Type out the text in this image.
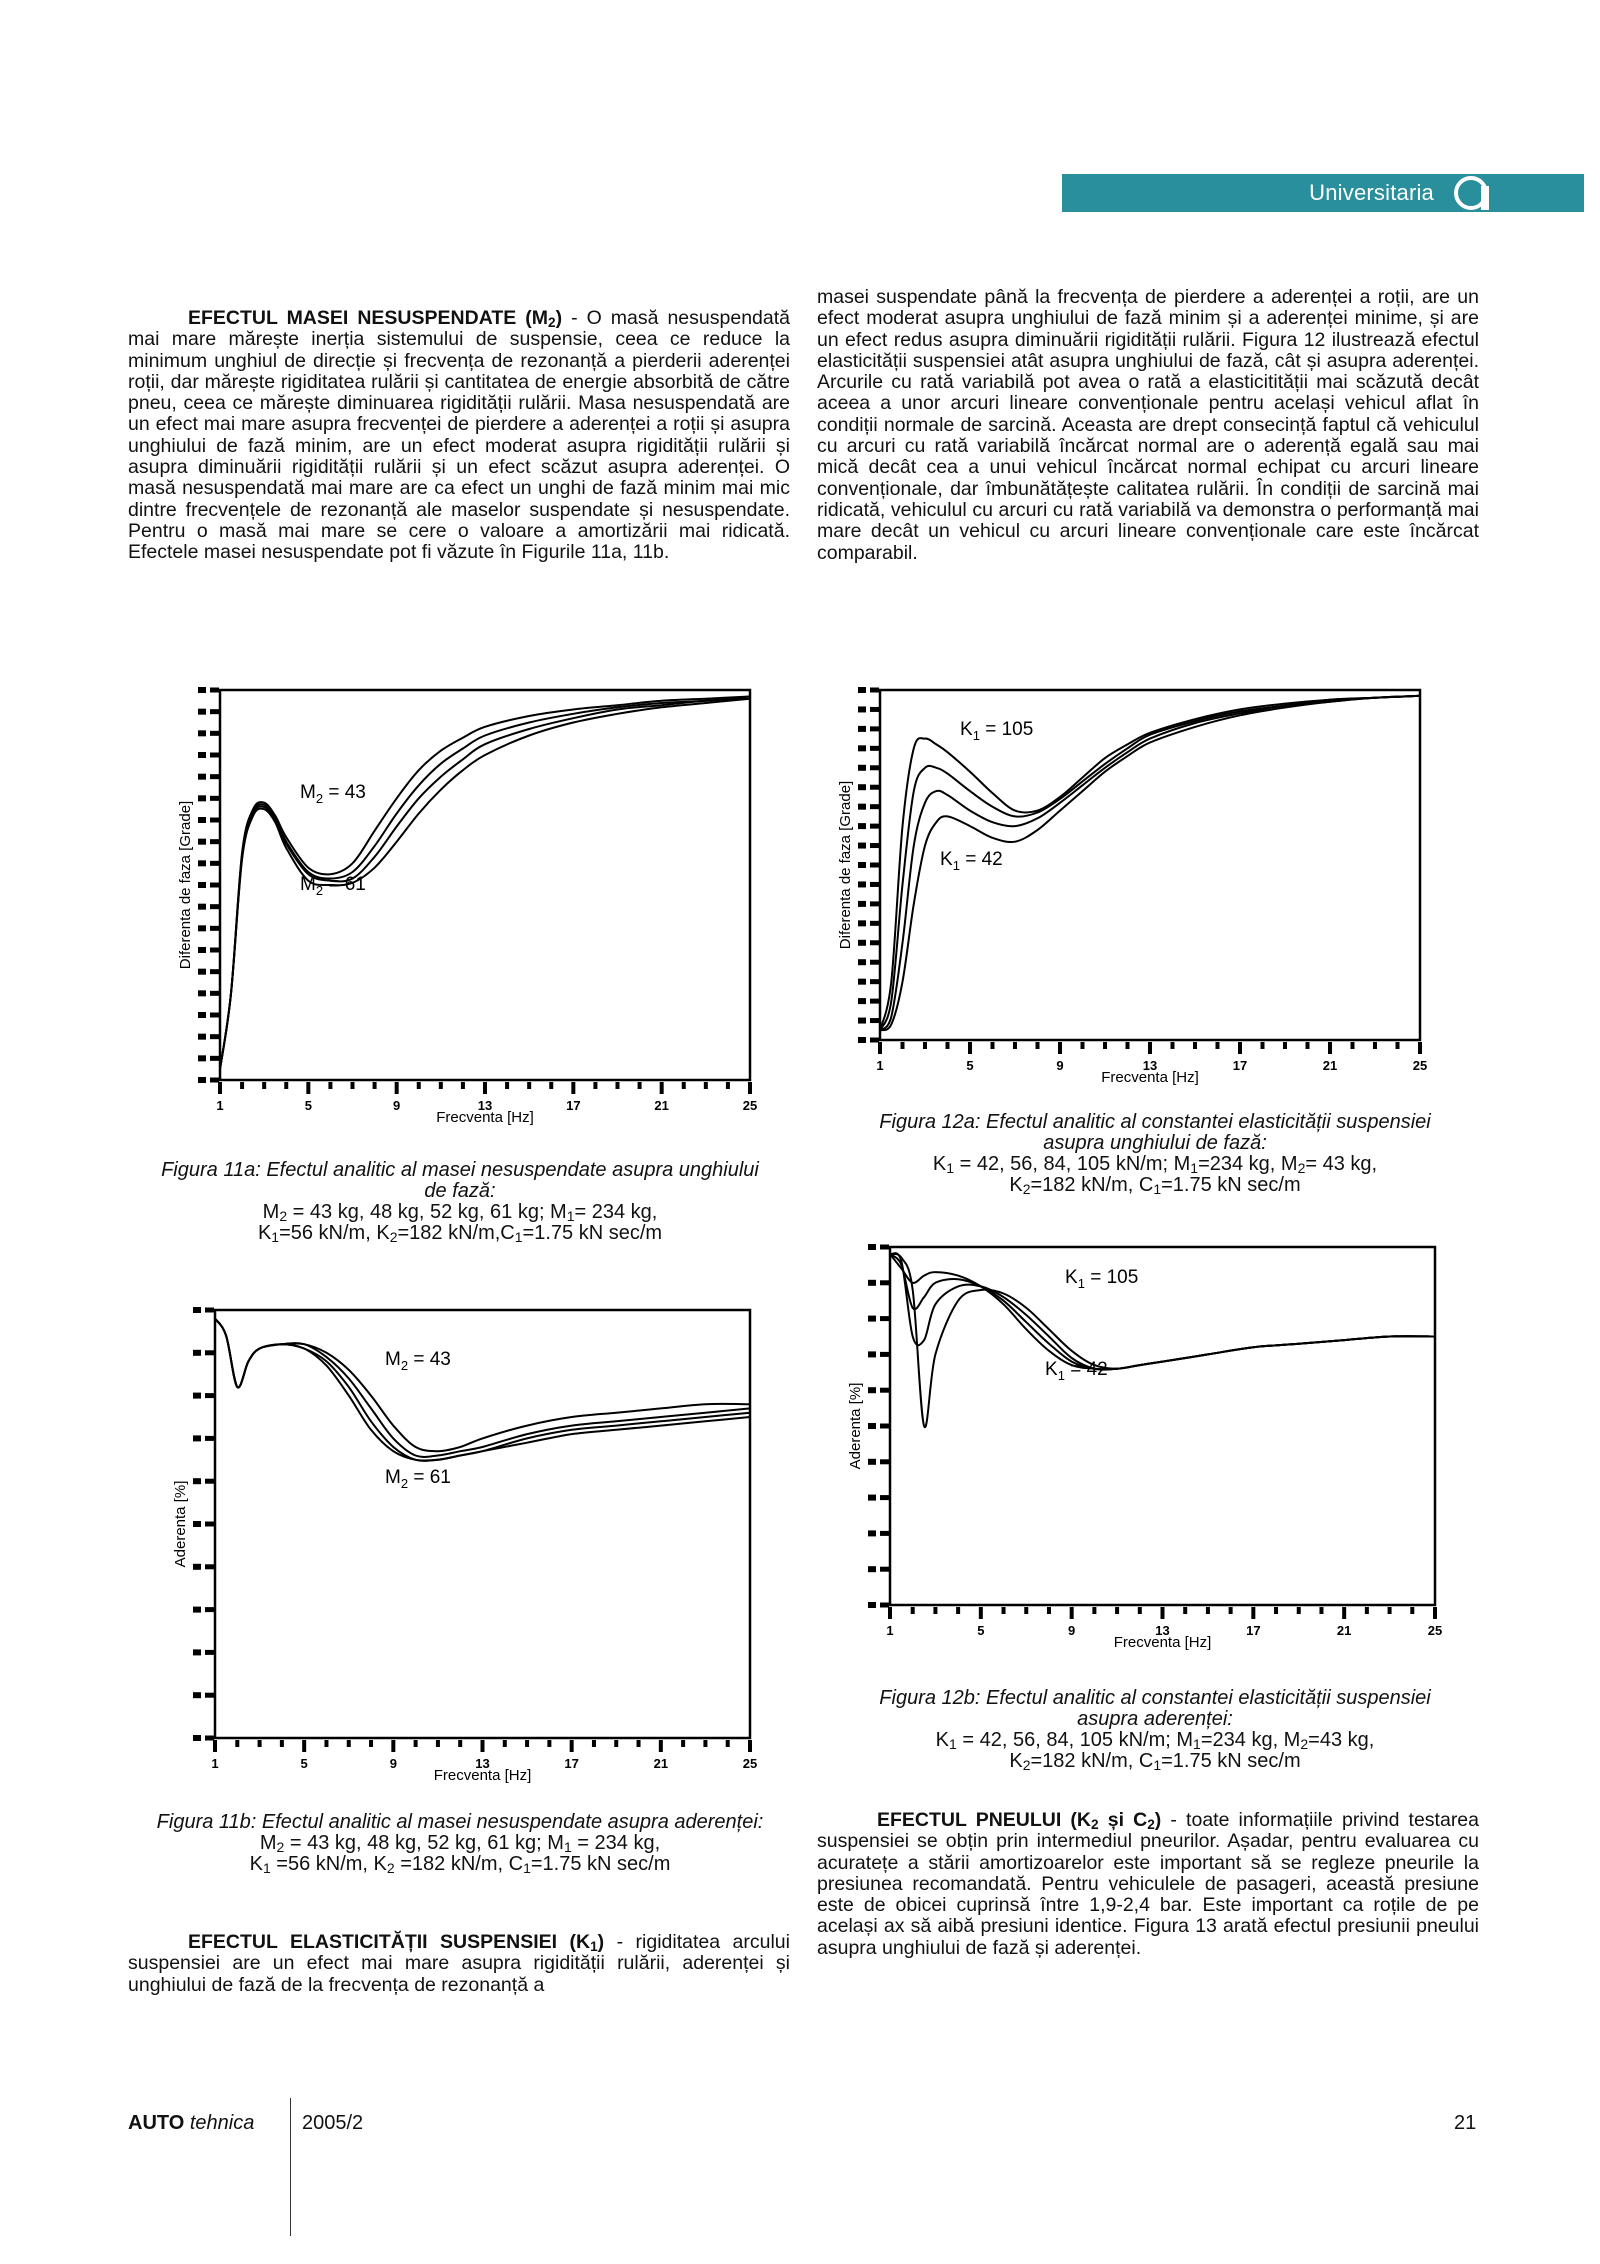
Universitaria

EFECTUL MASEI NESUSPENDATE $(M_2)$ - O masă nesuspendată mai mare mărește inerția sistemului de suspensie, ceea ce reduce la minimum unghiul de direcție și frecvența de rezonanță a pierderii aderenței roții, dar mărește rigiditatea rulării și cantitatea de energie absorbită de către pneu, ceea ce mărește diminuarea rigidității rulării. Masa nesuspendată are un efect mai mare asupra frecvenței de pierdere a aderenței a roții și asupra unghiului de fază minim, are un efect moderat asupra rigidității rulării și asupra diminuării rigidității rulării și un efect scăzut asupra aderenței. O masă nesuspendată mai mare are ca efect un unghi de fază minim mai mic dintre frecvențele de rezonanță ale maselor suspendate și nesuspendate. Pentru o masă mai mare se cere o valoare a amortizării mai ridicată. Efectele masei nesuspendate pot fi văzute în Figurile 11a, 11b.

masei suspendate până la frecvența de pierdere a aderenței a roții, are un efect moderat asupra unghiului de fază minim și a aderenței minime, și are un efect redus asupra diminuării rigidității rulării. Figura 12 ilustrează efectul elasticității suspensiei atât asupra unghiului de fază, cât și asupra aderenței. Arcurile cu rată variabilă pot avea o rată a elasticitității mai scăzută decât aceea a unor arcuri lineare convenționale pentru același vehicul aflat în condiții normale de sarcină. Aceasta are drept consecință faptul că vehiculul cu arcuri cu rată variabilă încărcat normal are o aderență egală sau mai mică decât cea a unui vehicul încărcat normal echipat cu arcuri lineare convenționale, dar îmbunătățește calitatea rulării. În condiții de sarcină mai ridicată, vehiculul cu arcuri cu rată variabilă va demonstra o performanță mai mare decât un vehicul cu arcuri lineare convenționale care este încărcat comparabil.

1	5	9	13	17	21	25
Frecventa [Hz]
Diferenta de faza [Grade]
$M_2 = 43$
$M_2 = 61$
1	5	9	13	17	21	25
Frecventa [Hz]
Diferenta de faza [Grade]
$K_1 = 105$
$K_1 = 42$
1	5	9	13	17	21	25
Frecventa [Hz]
Aderenta [%]
$M_2 = 43$
$M_2 = 61$
1	5	9	13	17	21	25
Frecventa [Hz]
Aderenta [%]
$K_1 = 105$
$K_1 = 42$
Figura 11a: Efectul analitic al masei nesuspendate asupra unghiului de fază:
$M_2 = 43$ kg, 48 kg, 52 kg, 61 kg; $M_1= 234$ kg,
$K_1=56$ kN/m, $K_2=182$ $kN/m,C_1=1.75$ kN sec/m
Figura 12a: Efectul analitic al constantei elasticității suspensiei asupra unghiului de fază:
$K_1 = 42$, 56, 84, 105 kN/m; $M_1=234$ kg, $M_2= 43$ kg,
$K_2=182$ kN/m, $C_1=1.75$ kN sec/m
Figura 11b: Efectul analitic al masei nesuspendate asupra aderenței:
$M_2 = 43$ kg, 48 kg, 52 kg, 61 kg; $M_1 = 234$ kg,
$K_1 =56$ kN/m, $K_2 =182$ kN/m, $C_1=1.75$ kN sec/m
Figura 12b: Efectul analitic al constantei elasticității suspensiei asupra aderenței:
$K_1 = 42$, 56, 84, 105 kN/m; $M_1=234$ kg, $M_2=43$ kg,
$K_2=182$ kN/m, $C_1=1.75$ kN sec/m

EFECTUL ELASTICITĂȚII SUSPENSIEI $(K_1)$ - rigiditatea arcului suspensiei are un efect mai mare asupra rigidității rulării, aderenței și unghiului de fază de la frecvența de rezonanță a

EFECTUL PNEULUI ($K_2$ și $C_2$) - toate informațiile privind testarea suspensiei se obțin prin intermediul pneurilor. Așadar, pentru evaluarea cu acuratețe a stării amortizoarelor este important să se regleze pneurile la presiunea recomandată. Pentru vehiculele de pasageri, această presiune este de obicei cuprinsă între 1,9-2,4 bar. Este important ca roțile de pe același ax să aibă presiuni identice. Figura 13 arată efectul presiunii pneului asupra unghiului de fază și aderenței.

AUTO tehnica 2005/2	21
